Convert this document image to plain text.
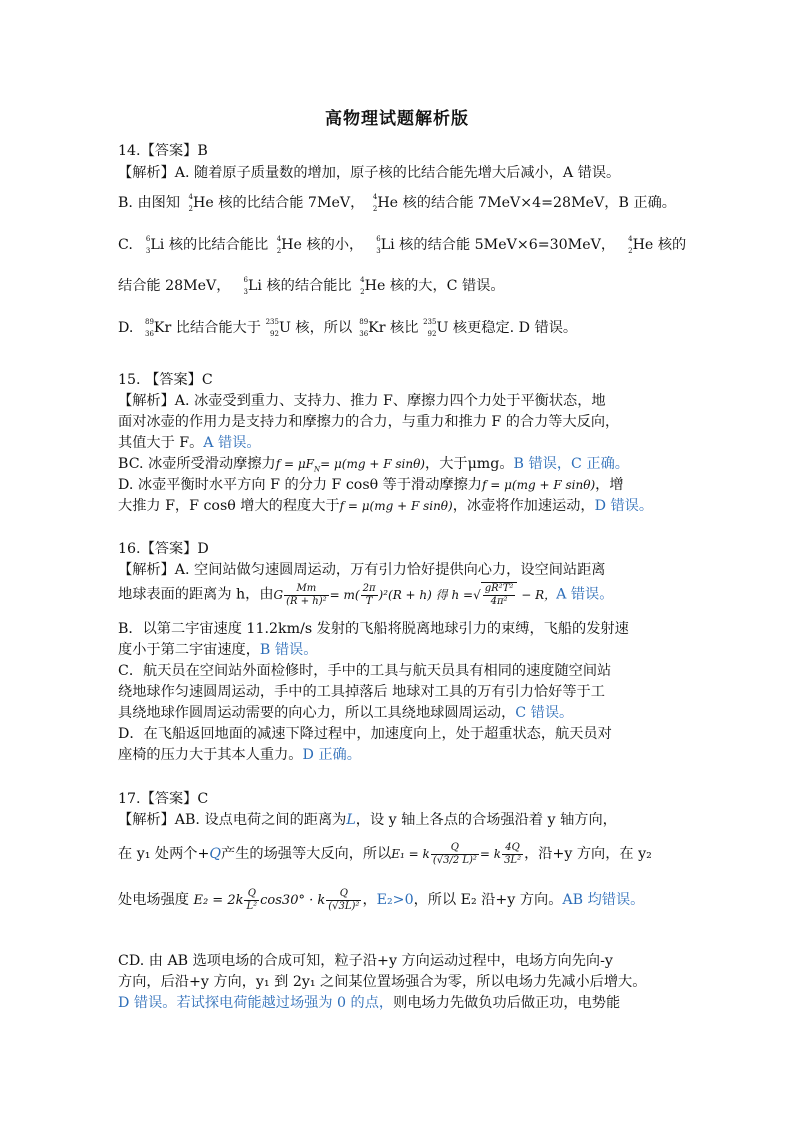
高物理试题解析版
14.【答案】B
【解析】A. 随着原子质量数的增加，原子核的比结合能先增大后减小，A 错误。
B. 由图知 4
2 He 核的比结合能 7MeV， 4
2 He 核的结合能 7MeV×4=28MeV，B 正确。
C. 6
3 Li 核的比结合能比 4
2 He 核的小， 6
3 Li 核的结合能 5MeV×6=30MeV， 4
2 He 核的
结合能 28MeV， 6
3 Li 核的结合能比 4
2 He 核的大，C 错误。
D. 89
36 Kr 比结合能大于 235
92 U 核，所以 89
36 Kr 核比 235
92 U 核更稳定. D 错误。
15. 【答案】C
【解析】A. 冰壶受到重力、支持力、推力 F、摩擦力四个力处于平衡状态，地
面对冰壶的作用力是支持力和摩擦力的合力，与重力和推力 F 的合力等大反向，
其值大于 F。A 错误。
BC. 冰壶所受滑动摩擦力$f = \mu F_N= \mu(mg + F$ sinθ)，大于μmg。B 错误，C 正确。
D. 冰壶平衡时水平方向 F 的分力 F cosθ 等于滑动摩擦力f = μ(mg + F sinθ)，增
大推力 F，F cosθ 增大的程度大于f = μ(mg + F sinθ)，冰壶将作加速运动，D 错误。
16.【答案】D
【解析】A. 空间站做匀速圆周运动，万有引力恰好提供向心力，设空间站距离
地球表面的距离为 h，由G $\frac{Mm}{\text{(R + h)²}} = m( \frac{2\pi}{T} )^2(R + h)$ 得 h =√ $\frac{\text{gR²T²}}{\text{4π²}} - R$，A 错误。
B．以第二宇宙速度 11.2km/s 发射的飞船将脱离地球引力的束缚，飞船的发射速
度小于第二宇宙速度，B 错误。
C．航天员在空间站外面检修时，手中的工具与航天员具有相同的速度随空间站
绕地球作匀速圆周运动，手中的工具掉落后 地球对工具的万有引力恰好等于工
具绕地球作圆周运动需要的向心力，所以工具绕地球圆周运动，C 错误。
D．在飞船返回地面的减速下降过程中，加速度向上，处于超重状态，航天员对
座椅的压力大于其本人重力。D 正确。
17.【答案】C
【解析】AB. 设点电荷之间的距离为L，设 y 轴上各点的合场强沿着 y 轴方向，
在 y₁ 处两个+Q产生的场强等大反向，所以E₁ = k $\frac{Q}{\text{(√3/2 L)²}} = k \frac{4Q}{\text{3L²}}$ ，沿+y 方向，在 y₂
处电场强度 $E_2 = 2k \frac{Q}{\text{L²}} \cos 30^\circ \cdot k \frac{Q}{\text{(√3L)²}}$ ，E₂>0，所以 E₂ 沿+y 方向。AB 均错误。
CD. 由 AB 选项电场的合成可知，粒子沿+y 方向运动过程中，电场方向先向-y
方向，后沿+y 方向，y₁ 到 2y₁ 之间某位置场强合为零，所以电场力先减小后增大。
D 错误。若试探电荷能越过场强为 0 的点，则电场力先做负功后做正功，电势能
